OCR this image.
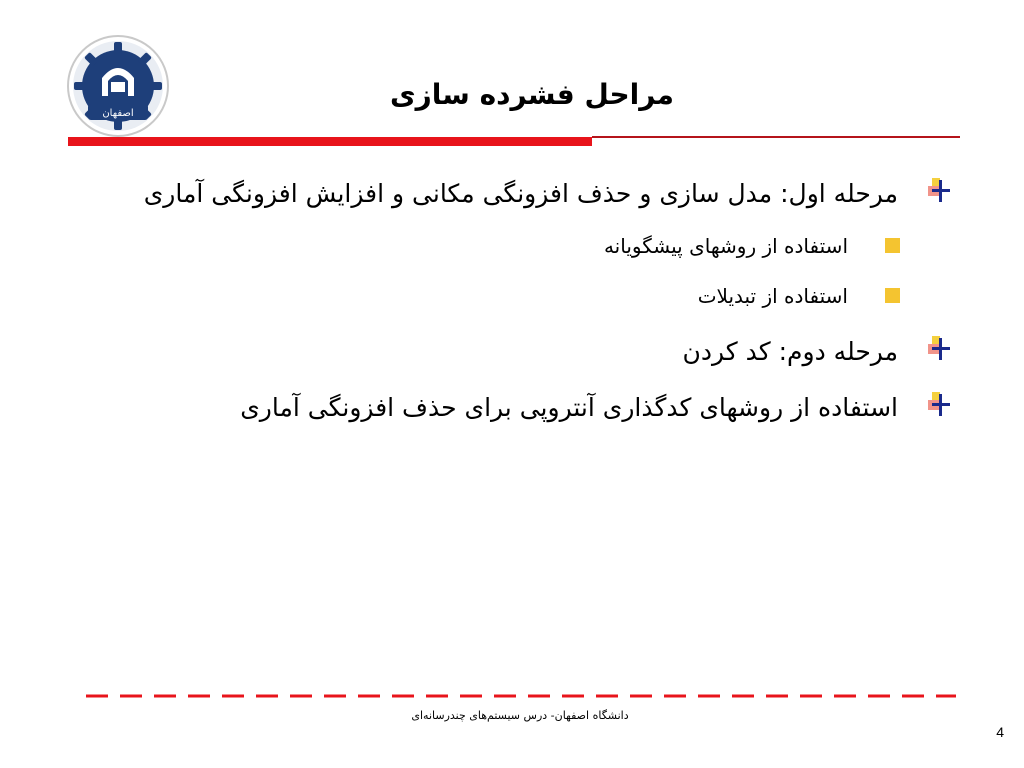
اصفهان
مراحل فشرده سازی
مرحله اول: مدل سازی و حذف افزونگی مکانی و افزایش افزونگی آماری
استفاده از روشهای پیشگویانه
استفاده از تبدیلات
مرحله دوم: کد کردن
استفاده از روشهای کدگذاری آنتروپی برای حذف افزونگی آماری
دانشگاه اصفهان- درس سیستم‌های چندرسانه‌ای
4
